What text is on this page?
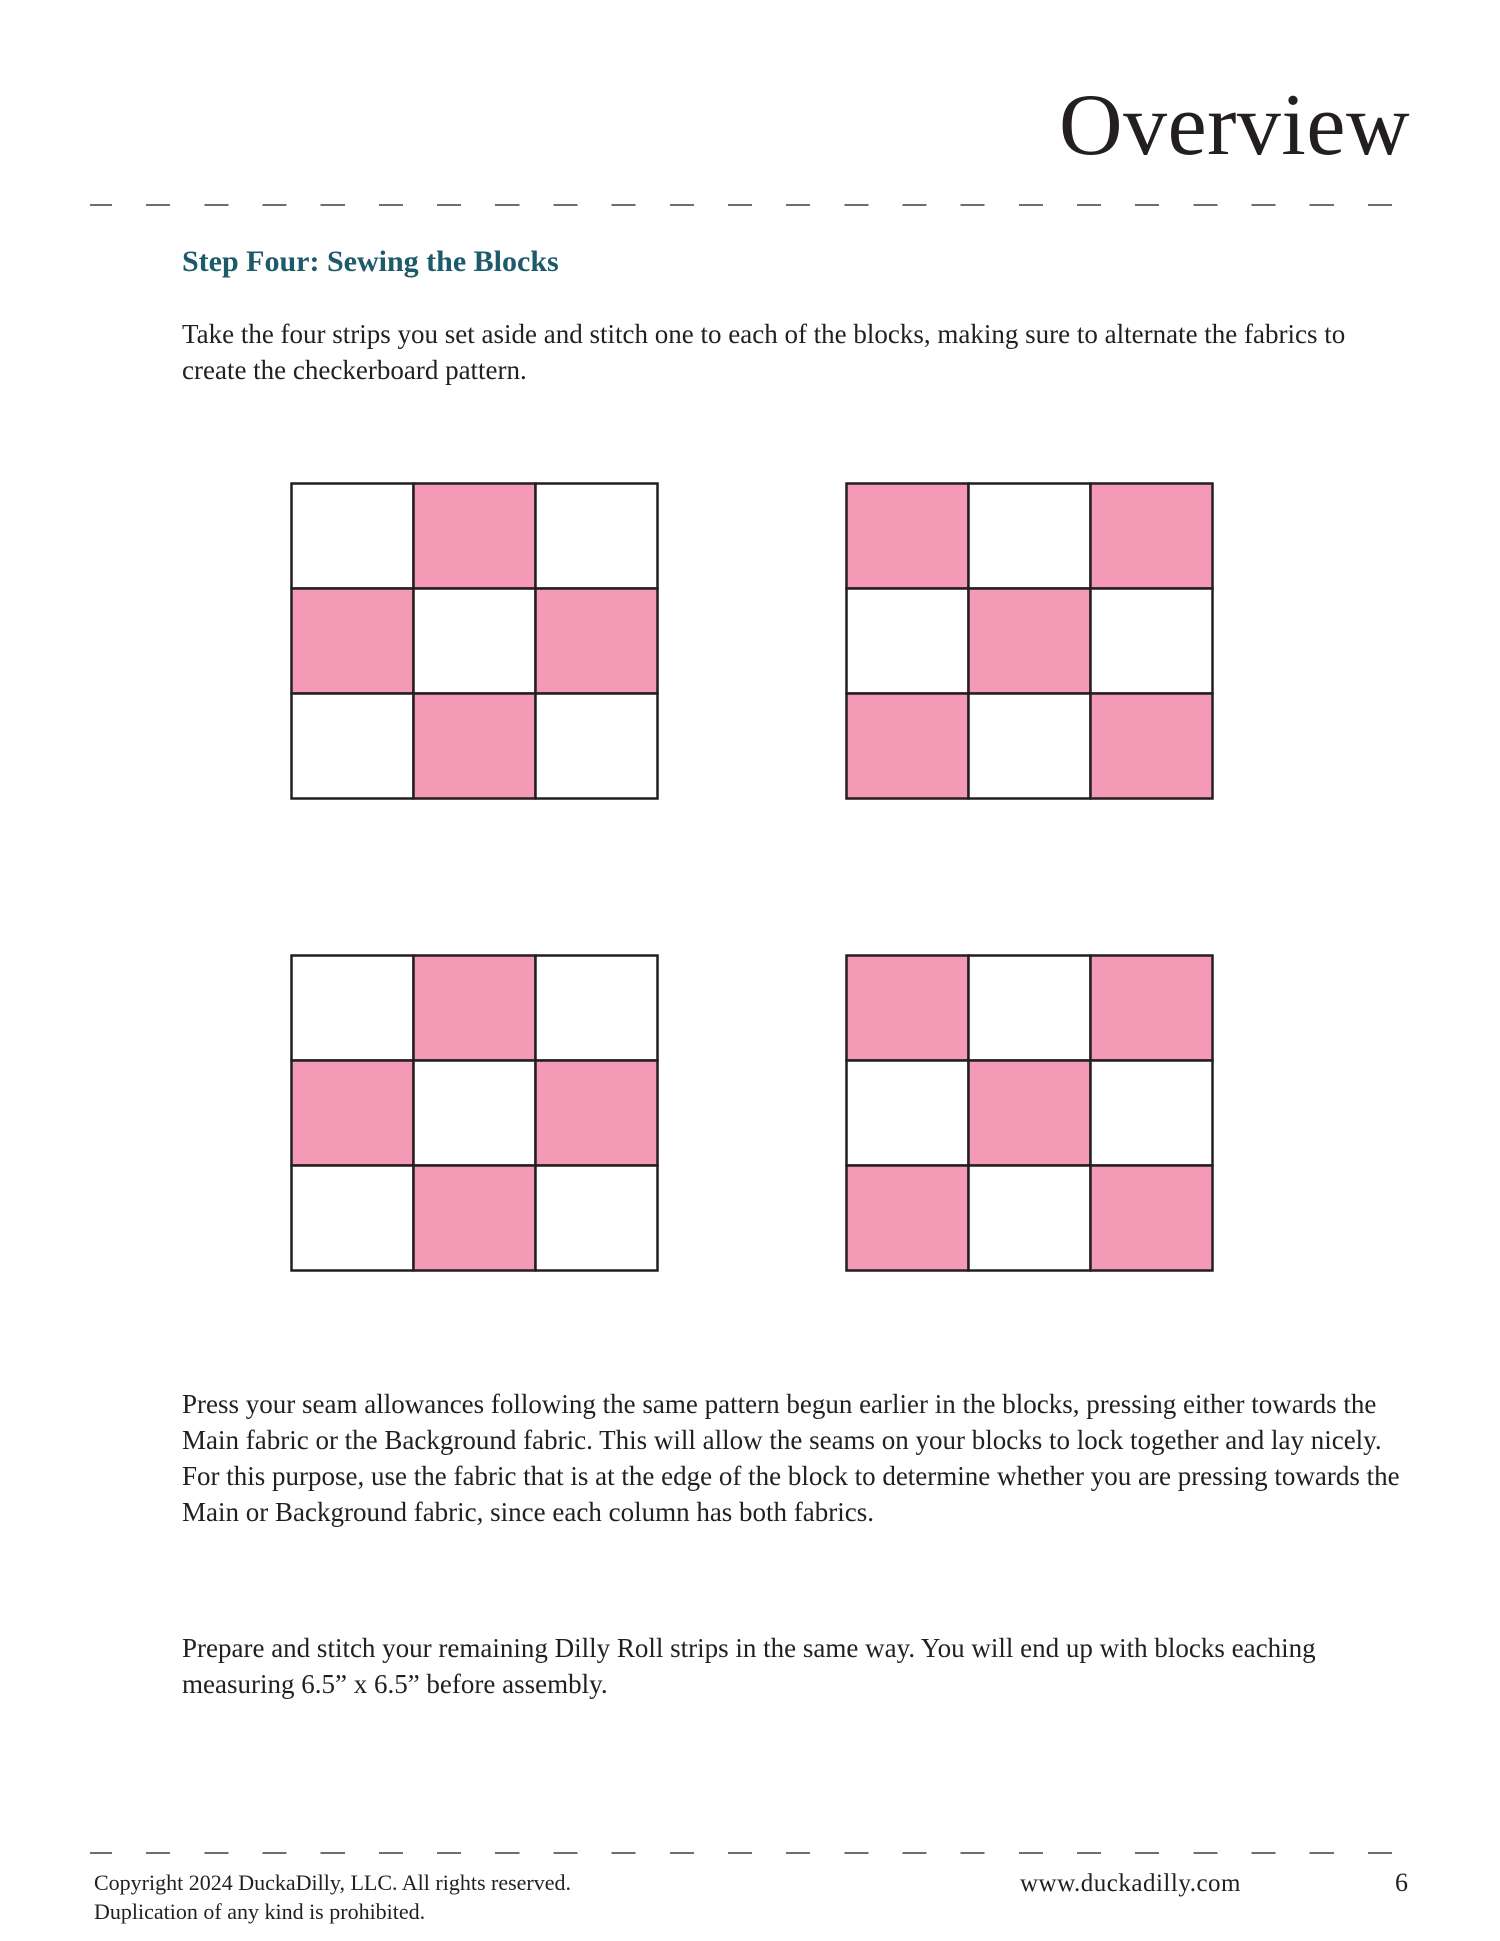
Overview
Step Four: Sewing the Blocks

Take the four strips you set aside and stitch one to each of the blocks, making sure to alternate the fabrics to create the checkerboard pattern.

Press your seam allowances following the same pattern begun earlier in the blocks, pressing either towards the Main fabric or the Background fabric. This will allow the seams on your blocks to lock together and lay nicely. For this purpose, use the fabric that is at the edge of the block to determine whether you are pressing towards the Main or Background fabric, since each column has both fabrics.

Prepare and stitch your remaining Dilly Roll strips in the same way. You will end up with blocks eaching measuring 6.5” x 6.5” before assembly.

Copyright 2024 DuckaDilly, LLC. All rights reserved.
Duplication of any kind is prohibited.

www.duckadilly.com	6
